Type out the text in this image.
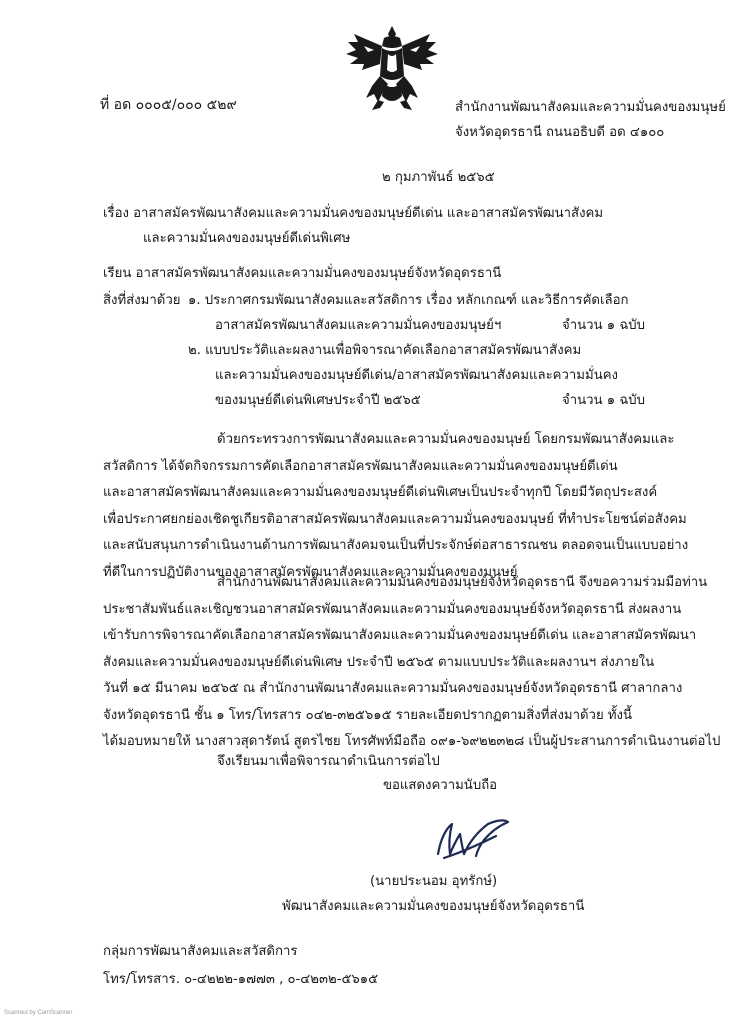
ที่ อด ๐๐๐๕/๐๐๐ ๕๒๙	สำนักงานพัฒนาสังคมและความมั่นคงของมนุษย์
จังหวัดอุดรธานี ถนนอธิบดี อด ๔๑๐๐
๒ กุมภาพันธ์ ๒๕๖๕
เรื่อง อาสาสมัครพัฒนาสังคมและความมั่นคงของมนุษย์ดีเด่น และอาสาสมัครพัฒนาสังคม
และความมั่นคงของมนุษย์ดีเด่นพิเศษ
เรียน อาสาสมัครพัฒนาสังคมและความมั่นคงของมนุษย์จังหวัดอุดรธานี
สิ่งที่ส่งมาด้วย ๑. ประกาศกรมพัฒนาสังคมและสวัสดิการ เรื่อง หลักเกณฑ์ และวิธีการคัดเลือก
อาสาสมัครพัฒนาสังคมและความมั่นคงของมนุษย์ฯ	จำนวน ๑ ฉบับ
๒. แบบประวัติและผลงานเพื่อพิจารณาคัดเลือกอาสาสมัครพัฒนาสังคม
และความมั่นคงของมนุษย์ดีเด่น/อาสาสมัครพัฒนาสังคมและความมั่นคง
ของมนุษย์ดีเด่นพิเศษประจำปี ๒๕๖๕	จำนวน ๑ ฉบับ
ด้วยกระทรวงการพัฒนาสังคมและความมั่นคงของมนุษย์ โดยกรมพัฒนาสังคมและ
สวัสดิการ ได้จัดกิจกรรมการคัดเลือกอาสาสมัครพัฒนาสังคมและความมั่นคงของมนุษย์ดีเด่น
และอาสาสมัครพัฒนาสังคมและความมั่นคงของมนุษย์ดีเด่นพิเศษเป็นประจำทุกปี โดยมีวัตถุประสงค์
เพื่อประกาศยกย่องเชิดชูเกียรติอาสาสมัครพัฒนาสังคมและความมั่นคงของมนุษย์ ที่ทำประโยชน์ต่อสังคม
และสนับสนุนการดำเนินงานด้านการพัฒนาสังคมจนเป็นที่ประจักษ์ต่อสาธารณชน ตลอดจนเป็นแบบอย่าง
ที่ดีในการปฏิบัติงานของอาสาสมัครพัฒนาสังคมและความมั่นคงของมนุษย์
สำนักงานพัฒนาสังคมและความมั่นคงของมนุษย์จังหวัดอุดรธานี จึงขอความร่วมมือท่าน
ประชาสัมพันธ์และเชิญชวนอาสาสมัครพัฒนาสังคมและความมั่นคงของมนุษย์จังหวัดอุดรธานี ส่งผลงาน
เข้ารับการพิจารณาคัดเลือกอาสาสมัครพัฒนาสังคมและความมั่นคงของมนุษย์ดีเด่น และอาสาสมัครพัฒนา
สังคมและความมั่นคงของมนุษย์ดีเด่นพิเศษ ประจำปี ๒๕๖๕ ตามแบบประวัติและผลงานฯ ส่งภายใน
วันที่ ๑๕ มีนาคม ๒๕๖๕ ณ สำนักงานพัฒนาสังคมและความมั่นคงของมนุษย์จังหวัดอุดรธานี ศาลากลาง
จังหวัดอุดรธานี ชั้น ๑ โทร/โทรสาร ๐๔๒-๓๒๕๖๑๕ รายละเอียดปรากฏตามสิ่งที่ส่งมาด้วย ทั้งนี้
ได้มอบหมายให้ นางสาวสุดารัตน์ สูตรไชย โทรศัพท์มือถือ ๐๙๑-๖๙๒๒๓๒๘ เป็นผู้ประสานการดำเนินงานต่อไป
จึงเรียนมาเพื่อพิจารณาดำเนินการต่อไป
ขอแสดงความนับถือ
(นายประนอม อุทรักษ์)
พัฒนาสังคมและความมั่นคงของมนุษย์จังหวัดอุดรธานี
กลุ่มการพัฒนาสังคมและสวัสดิการ
โทร/โทรสาร. ๐-๔๒๒๒-๑๗๗๓ , ๐-๔๒๓๒-๕๖๑๕
Scanned by CamScanner
